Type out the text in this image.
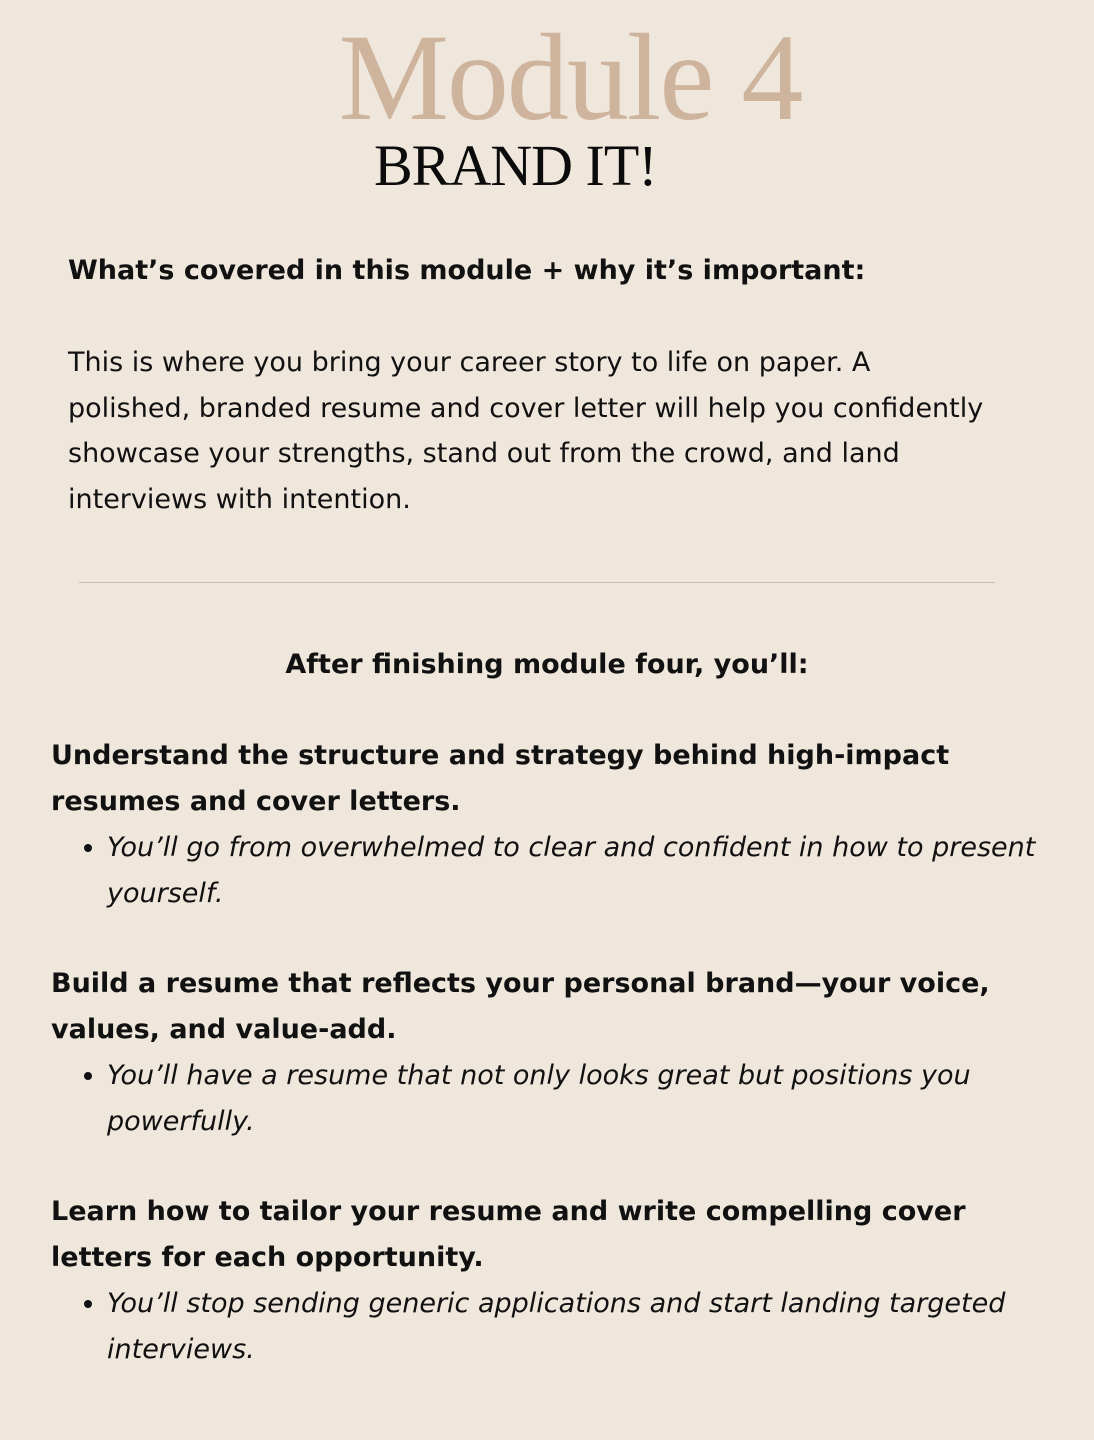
Module 4
BRAND IT!
What’s covered in this module + why it’s important:
This is where you bring your career story to life on paper. A polished, branded resume and cover letter will help you confidently showcase your strengths, stand out from the crowd, and land interviews with intention.
After finishing module four, you’ll:
Understand the structure and strategy behind high-impact resumes and cover letters.
• You’ll go from overwhelmed to clear and confident in how to present yourself.
Build a resume that reflects your personal brand—your voice, values, and value-add.
• You’ll have a resume that not only looks great but positions you powerfully.
Learn how to tailor your resume and write compelling cover letters for each opportunity.
• You’ll stop sending generic applications and start landing targeted interviews.
